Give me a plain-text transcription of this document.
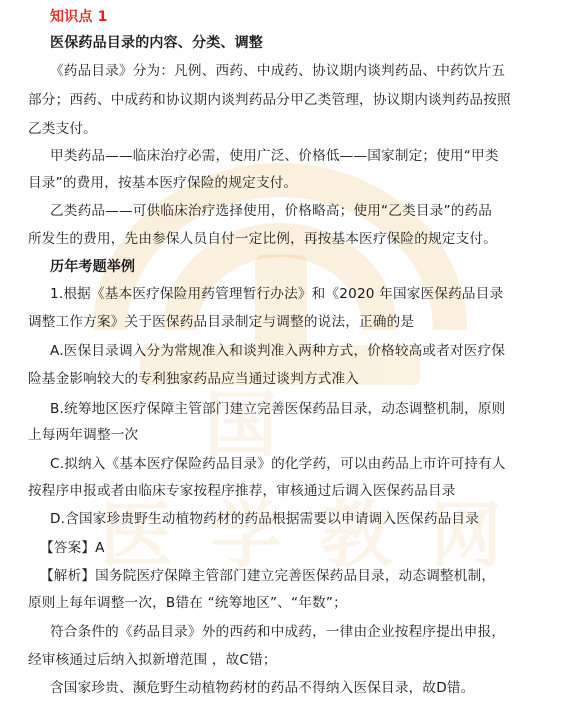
国
医 学 教 网
知识点 1
医保药品目录的内容、分类、调整
《药品目录》分为：凡例、西药、中成药、协议期内谈判药品、中药饮片五
部分；西药、中成药和协议期内谈判药品分甲乙类管理，协议期内谈判药品按照
乙类支付。
甲类药品——临床治疗必需，使用广泛、价格低——国家制定；使用“甲类
目录”的费用，按基本医疗保险的规定支付。
乙类药品——可供临床治疗选择使用，价格略高；使用“乙类目录”的药品
所发生的费用，先由参保人员自付一定比例，再按基本医疗保险的规定支付。
历年考题举例
1.根据《基本医疗保险用药管理暂行办法》和《2020 年国家医保药品目录
调整工作方案》关于医保药品目录制定与调整的说法，正确的是
A.医保目录调入分为常规准入和谈判准入两种方式，价格较高或者对医疗保
险基金影响较大的专利独家药品应当通过谈判方式准入
B.统筹地区医疗保障主管部门建立完善医保药品目录，动态调整机制，原则
上每两年调整一次
C.拟纳入《基本医疗保险药品目录》的化学药，可以由药品上市许可持有人
按程序申报或者由临床专家按程序推荐，审核通过后调入医保药品目录
D.含国家珍贵野生动植物药材的药品根据需要以申请调入医保药品目录
【答案】A
【解析】国务院医疗保障主管部门建立完善医保药品目录，动态调整机制，
原则上每年调整一次，B错在 “统筹地区”、“年数”；
符合条件的《药品目录》外的西药和中成药，一律由企业按程序提出申报，
经审核通过后纳入拟新增范围 ，故C错；
含国家珍贵、濒危野生动植物药材的药品不得纳入医保目录，故D错。
